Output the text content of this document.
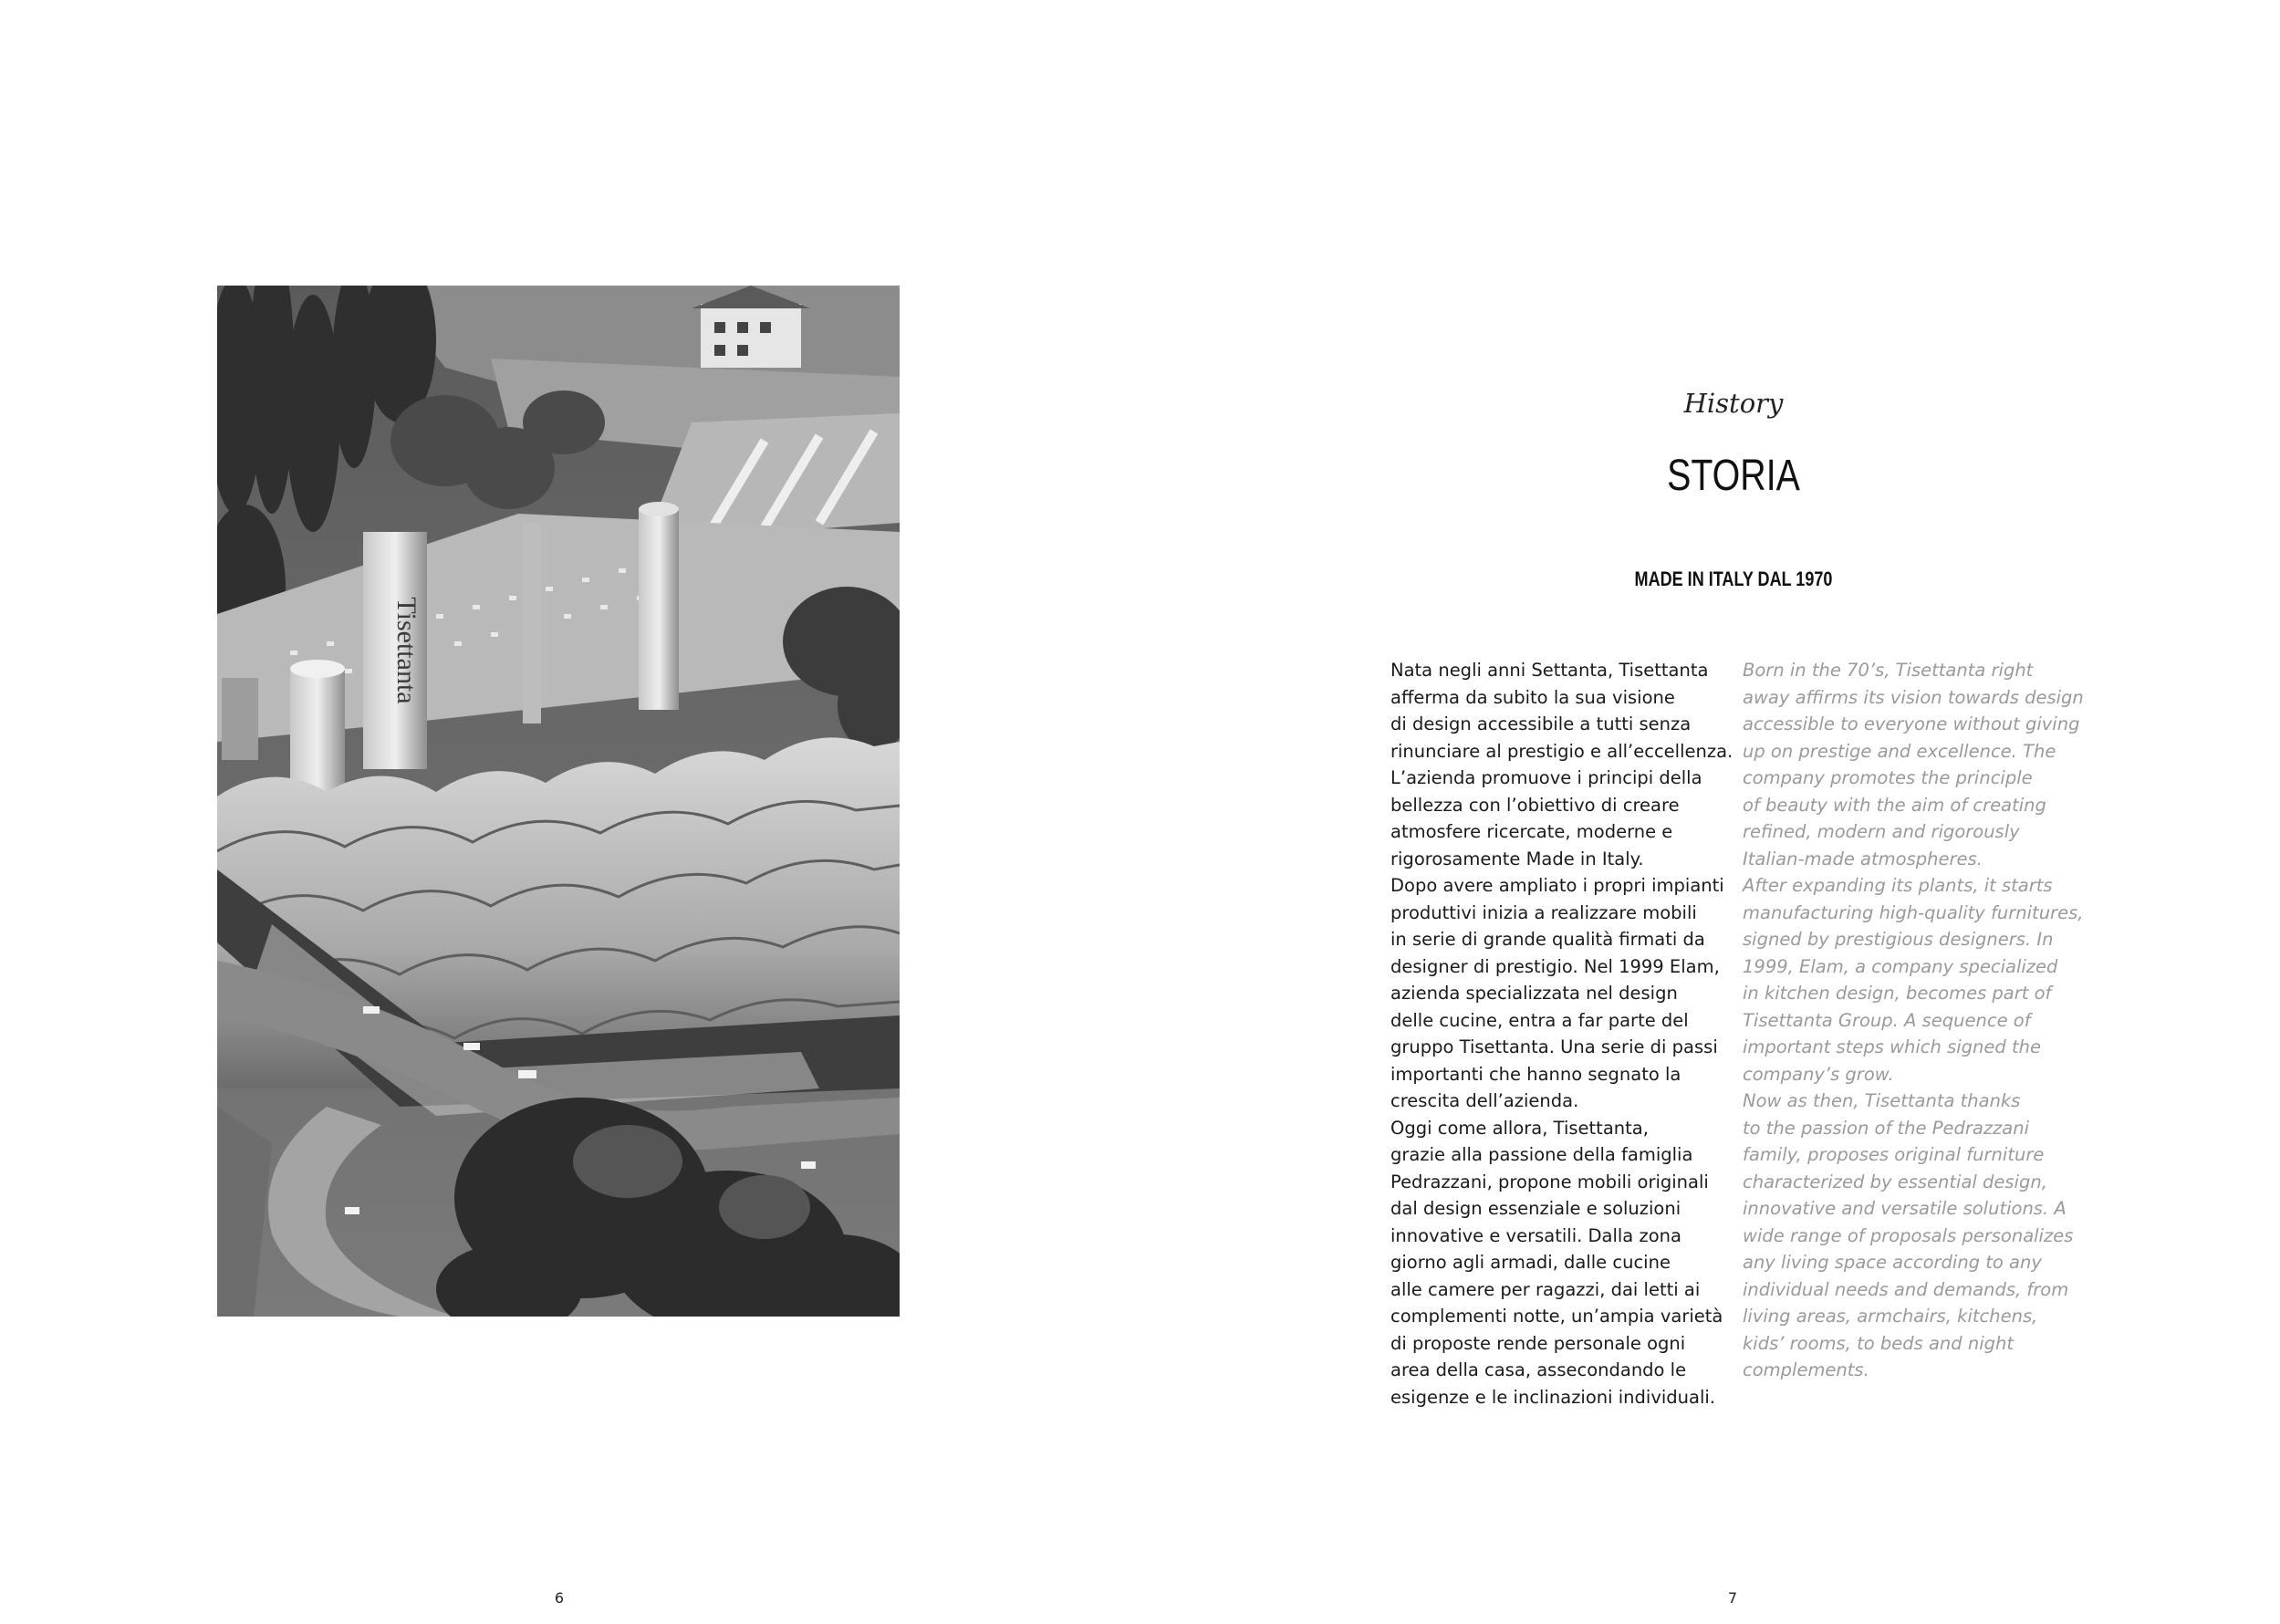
Tisettanta

6

History

STORIA
MADE IN ITALY DAL 1970
Nata negli anni Settanta, Tisettanta
afferma da subito la sua visione
di design accessibile a tutti senza
rinunciare al prestigio e all’eccellenza.
L’azienda promuove i principi della
bellezza con l’obiettivo di creare
atmosfere ricercate, moderne e
rigorosamente Made in Italy.
Dopo avere ampliato i propri impianti
produttivi inizia a realizzare mobili
in serie di grande qualità firmati da
designer di prestigio. Nel 1999 Elam,
azienda specializzata nel design
delle cucine, entra a far parte del
gruppo Tisettanta. Una serie di passi
importanti che hanno segnato la
crescita dell’azienda.
Oggi come allora, Tisettanta,
grazie alla passione della famiglia
Pedrazzani, propone mobili originali
dal design essenziale e soluzioni
innovative e versatili. Dalla zona
giorno agli armadi, dalle cucine
alle camere per ragazzi, dai letti ai
complementi notte, un’ampia varietà
di proposte rende personale ogni
area della casa, assecondando le
esigenze e le inclinazioni individuali.
Born in the 70’s, Tisettanta right
away affirms its vision towards design
accessible to everyone without giving
up on prestige and excellence. The
company promotes the principle
of beauty with the aim of creating
refined, modern and rigorously
Italian-made atmospheres.
After expanding its plants, it starts
manufacturing high-quality furnitures,
signed by prestigious designers. In
1999, Elam, a company specialized
in kitchen design, becomes part of
Tisettanta Group. A sequence of
important steps which signed the
company’s grow.
Now as then, Tisettanta thanks
to the passion of the Pedrazzani
family, proposes original furniture
characterized by essential design,
innovative and versatile solutions. A
wide range of proposals personalizes
any living space according to any
individual needs and demands, from
living areas, armchairs, kitchens,
kids’ rooms, to beds and night
complements.

7
